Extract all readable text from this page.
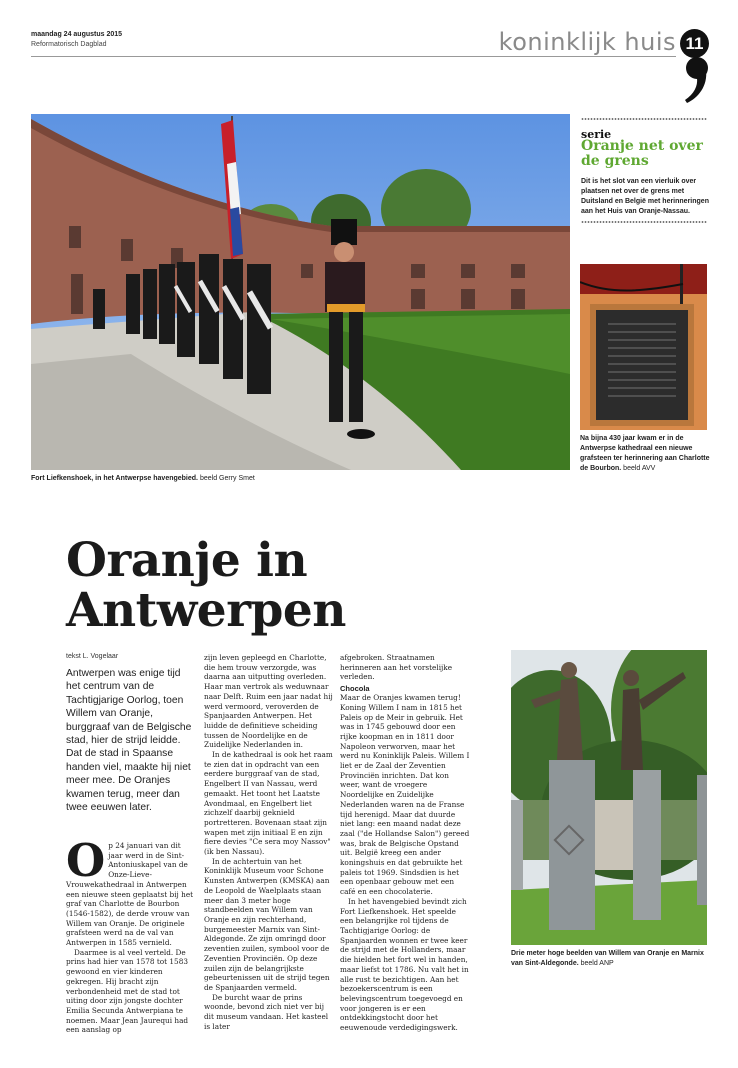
maandag 24 augustus 2015
Reformatorisch Dagblad	koninklijk huis 11
Fort Liefkenshoek, in het Antwerpse havengebied. beeld Gerry Smet
serie
Oranje net over de grens
Dit is het slot van een vierluik over plaatsen net over de grens met Duitsland en België met herinneringen aan het Huis van Oranje-Nassau.
Na bijna 430 jaar kwam er in de Antwerpse kathedraal een nieuwe grafsteen ter herinnering aan Charlotte de Bourbon. beeld AVV
Oranje in Antwerpen
tekst L. Vogelaar

Antwerpen was enige tijd het centrum van de Tachtigjarige Oorlog, toen Willem van Oranje, burggraaf van de Belgische stad, hier de strijd leidde. Dat de stad in Spaanse handen viel, maakte hij niet meer mee. De Oranjes kwamen terug, meer dan twee eeuwen later.

O p 24 januari van dit jaar werd in de Sint-Antoniuskapel van de Onze-Lieve-Vrouwekathedraal in Antwerpen een nieuwe steen geplaatst bij het graf van Charlotte de Bourbon (1546-1582), de derde vrouw van Willem van Oranje. De originele grafsteen werd na de val van Antwerpen in 1585 vernield.

Daarmee is al veel verteld. De prins had hier van 1578 tot 1583 gewoond en vier kinderen gekregen. Hij bracht zijn verbondenheid met de stad tot uiting door zijn jongste dochter Emilia Secunda Antwerpiana te noemen. Maar Jean Jaurequi had een aanslag op

zijn leven gepleegd en Charlotte, die hem trouw verzorgde, was daarna aan uitputting overleden. Haar man vertrok als weduwnaar naar Delft. Ruim een jaar nadat hij werd vermoord, veroverden de Spanjaarden Antwerpen. Het luidde de definitieve scheiding tussen de Noordelijke en de Zuidelijke Nederlanden in.

In de kathedraal is ook het raam te zien dat in opdracht van een eerdere burggraaf van de stad, Engelbert II van Nassau, werd gemaakt. Het toont het Laatste Avondmaal, en Engelbert liet zichzelf daarbij geknield portretteren. Bovenaan staat zijn wapen met zijn initiaal E en zijn fiere devies "Ce sera moy Nassov" (ik ben Nassau).

In de achtertuin van het Koninklijk Museum voor Schone Kunsten Antwerpen (KMSKA) aan de Leopold de Waelplaats staan meer dan 3 meter hoge standbeelden van Willem van Oranje en zijn rechterhand, burgemeester Marnix van Sint-Aldegonde. Ze zijn omringd door zeventien zuilen, symbool voor de Zeventien Provinciën. Op deze zuilen zijn de belangrijkste gebeurtenissen uit de strijd tegen de Spanjaarden vermeld.

De burcht waar de prins woonde, bevond zich niet ver bij dit museum vandaan. Het kasteel is later

afgebroken. Straatnamen herinneren aan het vorstelijke verleden.

Chocola

Maar de Oranjes kwamen terug! Koning Willem I nam in 1815 het Paleis op de Meir in gebruik. Het was in 1745 gebouwd door een rijke koopman en in 1811 door Napoleon verworven, maar het werd nu Koninklijk Paleis. Willem I liet er de Zaal der Zeventien Provinciën inrichten. Dat kon weer, want de vroegere Noordelijke en Zuidelijke Nederlanden waren na de Franse tijd herenigd. Maar dat duurde niet lang: een maand nadat deze zaal ("de Hollandse Salon") gereed was, brak de Belgische Opstand uit. België kreeg een ander koningshuis en dat gebruikte het paleis tot 1969. Sindsdien is het een openbaar gebouw met een café en een chocolaterie.

In het havengebied bevindt zich Fort Liefkenshoek. Het speelde een belangrijke rol tijdens de Tachtigjarige Oorlog: de Spanjaarden wonnen er twee keer de strijd met de Hollanders, maar die hielden het fort wel in handen, maar liefst tot 1786. Nu valt het in alle rust te bezichtigen. Aan het bezoekerscentrum is een belevingscentrum toegevoegd en voor jongeren is er een ontdekkingstocht door het eeuwenoude verdedigingswerk.

Drie meter hoge beelden van Willem van Oranje en Marnix van Sint-Aldegonde. beeld ANP
